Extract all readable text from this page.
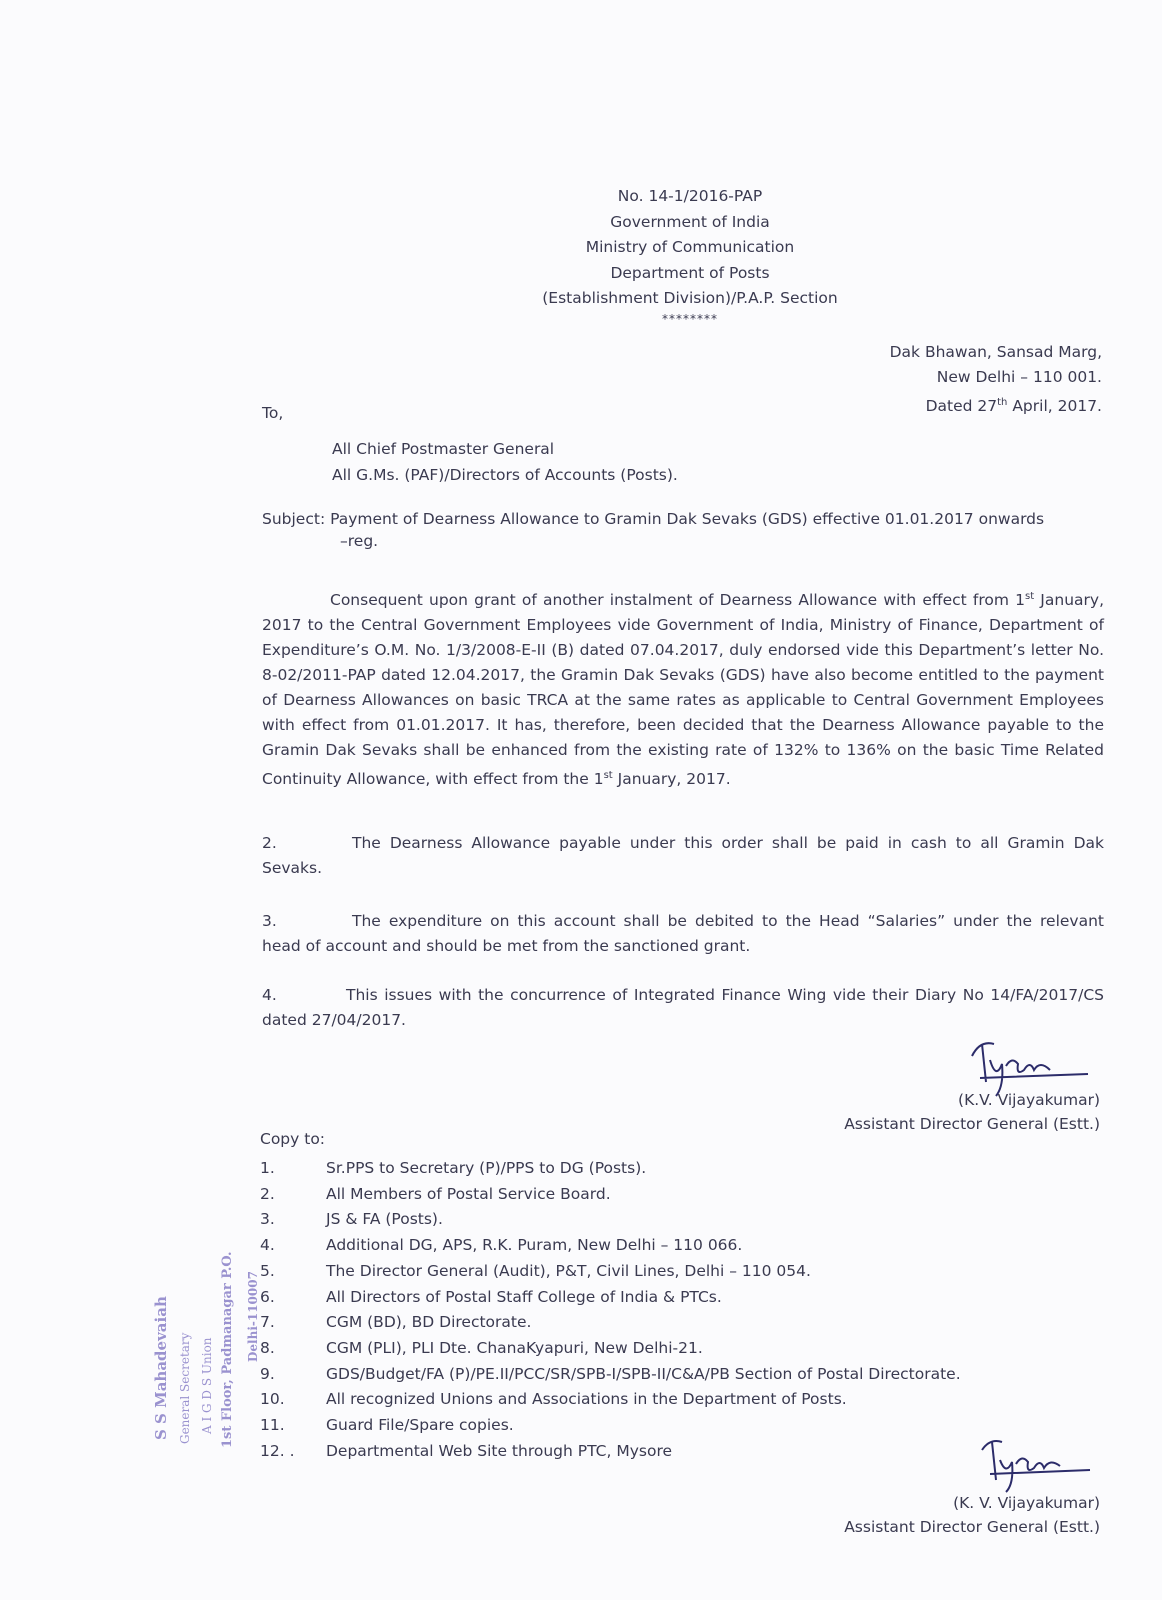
No. 14-1/2016-PAP
Government of India
Ministry of Communication
Department of Posts
(Establishment Division)/P.A.P. Section
********
Dak Bhawan, Sansad Marg,
New Delhi – 110 001.
Dated 27th April, 2017.
To,
All Chief Postmaster General
All G.Ms. (PAF)/Directors of Accounts (Posts).
Subject: Payment of Dearness Allowance to Gramin Dak Sevaks (GDS) effective 01.01.2017 onwards
–reg.
Consequent upon grant of another instalment of Dearness Allowance with effect from 1st January, 2017 to the Central Government Employees vide Government of India, Ministry of Finance, Department of Expenditure’s O.M. No. 1/3/2008-E-II (B) dated 07.04.2017, duly endorsed vide this Department’s letter No. 8-02/2011-PAP dated 12.04.2017, the Gramin Dak Sevaks (GDS) have also become entitled to the payment of Dearness Allowances on basic TRCA at the same rates as applicable to Central Government Employees with effect from 01.01.2017. It has, therefore, been decided that the Dearness Allowance payable to the Gramin Dak Sevaks shall be enhanced from the existing rate of 132% to 136% on the basic Time Related Continuity Allowance, with effect from the 1st January, 2017.
2.	The Dearness Allowance payable under this order shall be paid in cash to all Gramin Dak Sevaks.
3.	The expenditure on this account shall be debited to the Head “Salaries” under the relevant head of account and should be met from the sanctioned grant.
4.	This issues with the concurrence of Integrated Finance Wing vide their Diary No 14/FA/2017/CS dated 27/04/2017.
(K.V. Vijayakumar)
Assistant Director General (Estt.)
Copy to:
1.	Sr.PPS to Secretary (P)/PPS to DG (Posts).
2.	All Members of Postal Service Board.
3.	JS & FA (Posts).
4.	Additional DG, APS, R.K. Puram, New Delhi – 110 066.
5.	The Director General (Audit), P&T, Civil Lines, Delhi – 110 054.
6.	All Directors of Postal Staff College of India & PTCs.
7.	CGM (BD), BD Directorate.
8.	CGM (PLI), PLI Dte. ChanaKyapuri, New Delhi-21.
9.	GDS/Budget/FA (P)/PE.II/PCC/SR/SPB-I/SPB-II/C&A/PB Section of Postal Directorate.
10.	All recognized Unions and Associations in the Department of Posts.
11.	Guard File/Spare copies.
12. . Departmental Web Site through PTC, Mysore
S S Mahadevaiah General Secretary A I G D S Union 1st Floor, Padmanagar P.O. Delhi-110007
(K. V. Vijayakumar)
Assistant Director General (Estt.)
